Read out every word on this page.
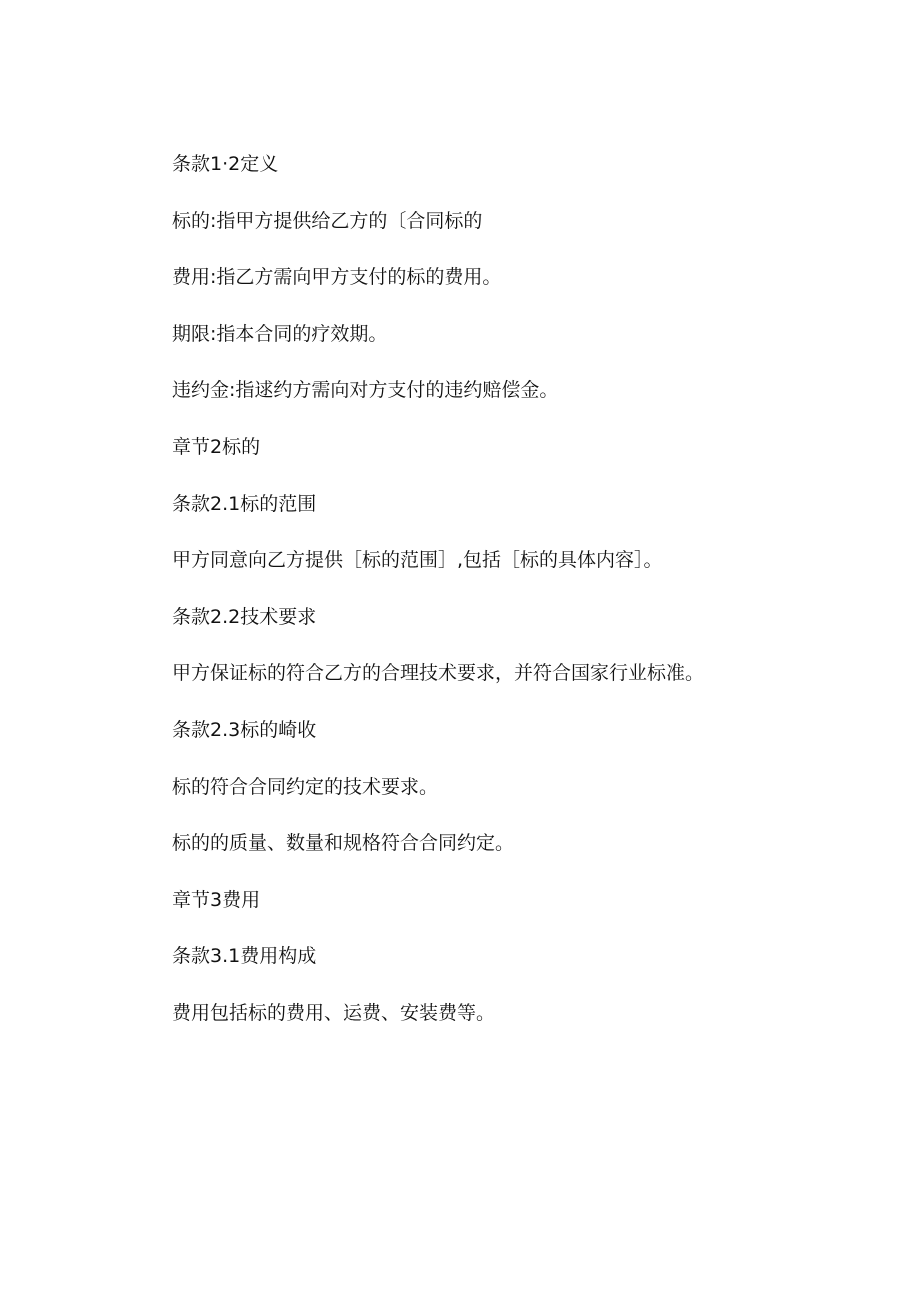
条款1·2定义
标的:指甲方提供给乙方的〔合同标的
费用:指乙方需向甲方支付的标的费用。
期限:指本合同的疗效期。
违约金:指逑约方需向对方支付的违约赔偿金。
章节2标的
条款2.1标的范围
甲方同意向乙方提供［标的范围］,包括［标的具体内容］。
条款2.2技术要求
甲方保证标的符合乙方的合理技术要求，并符合国家行业标准。
条款2.3标的崎收
标的符合合同约定的技术要求。
标的的质量、数量和规格符合合同约定。
章节3费用
条款3.1费用构成
费用包括标的费用、运费、安装费等。
